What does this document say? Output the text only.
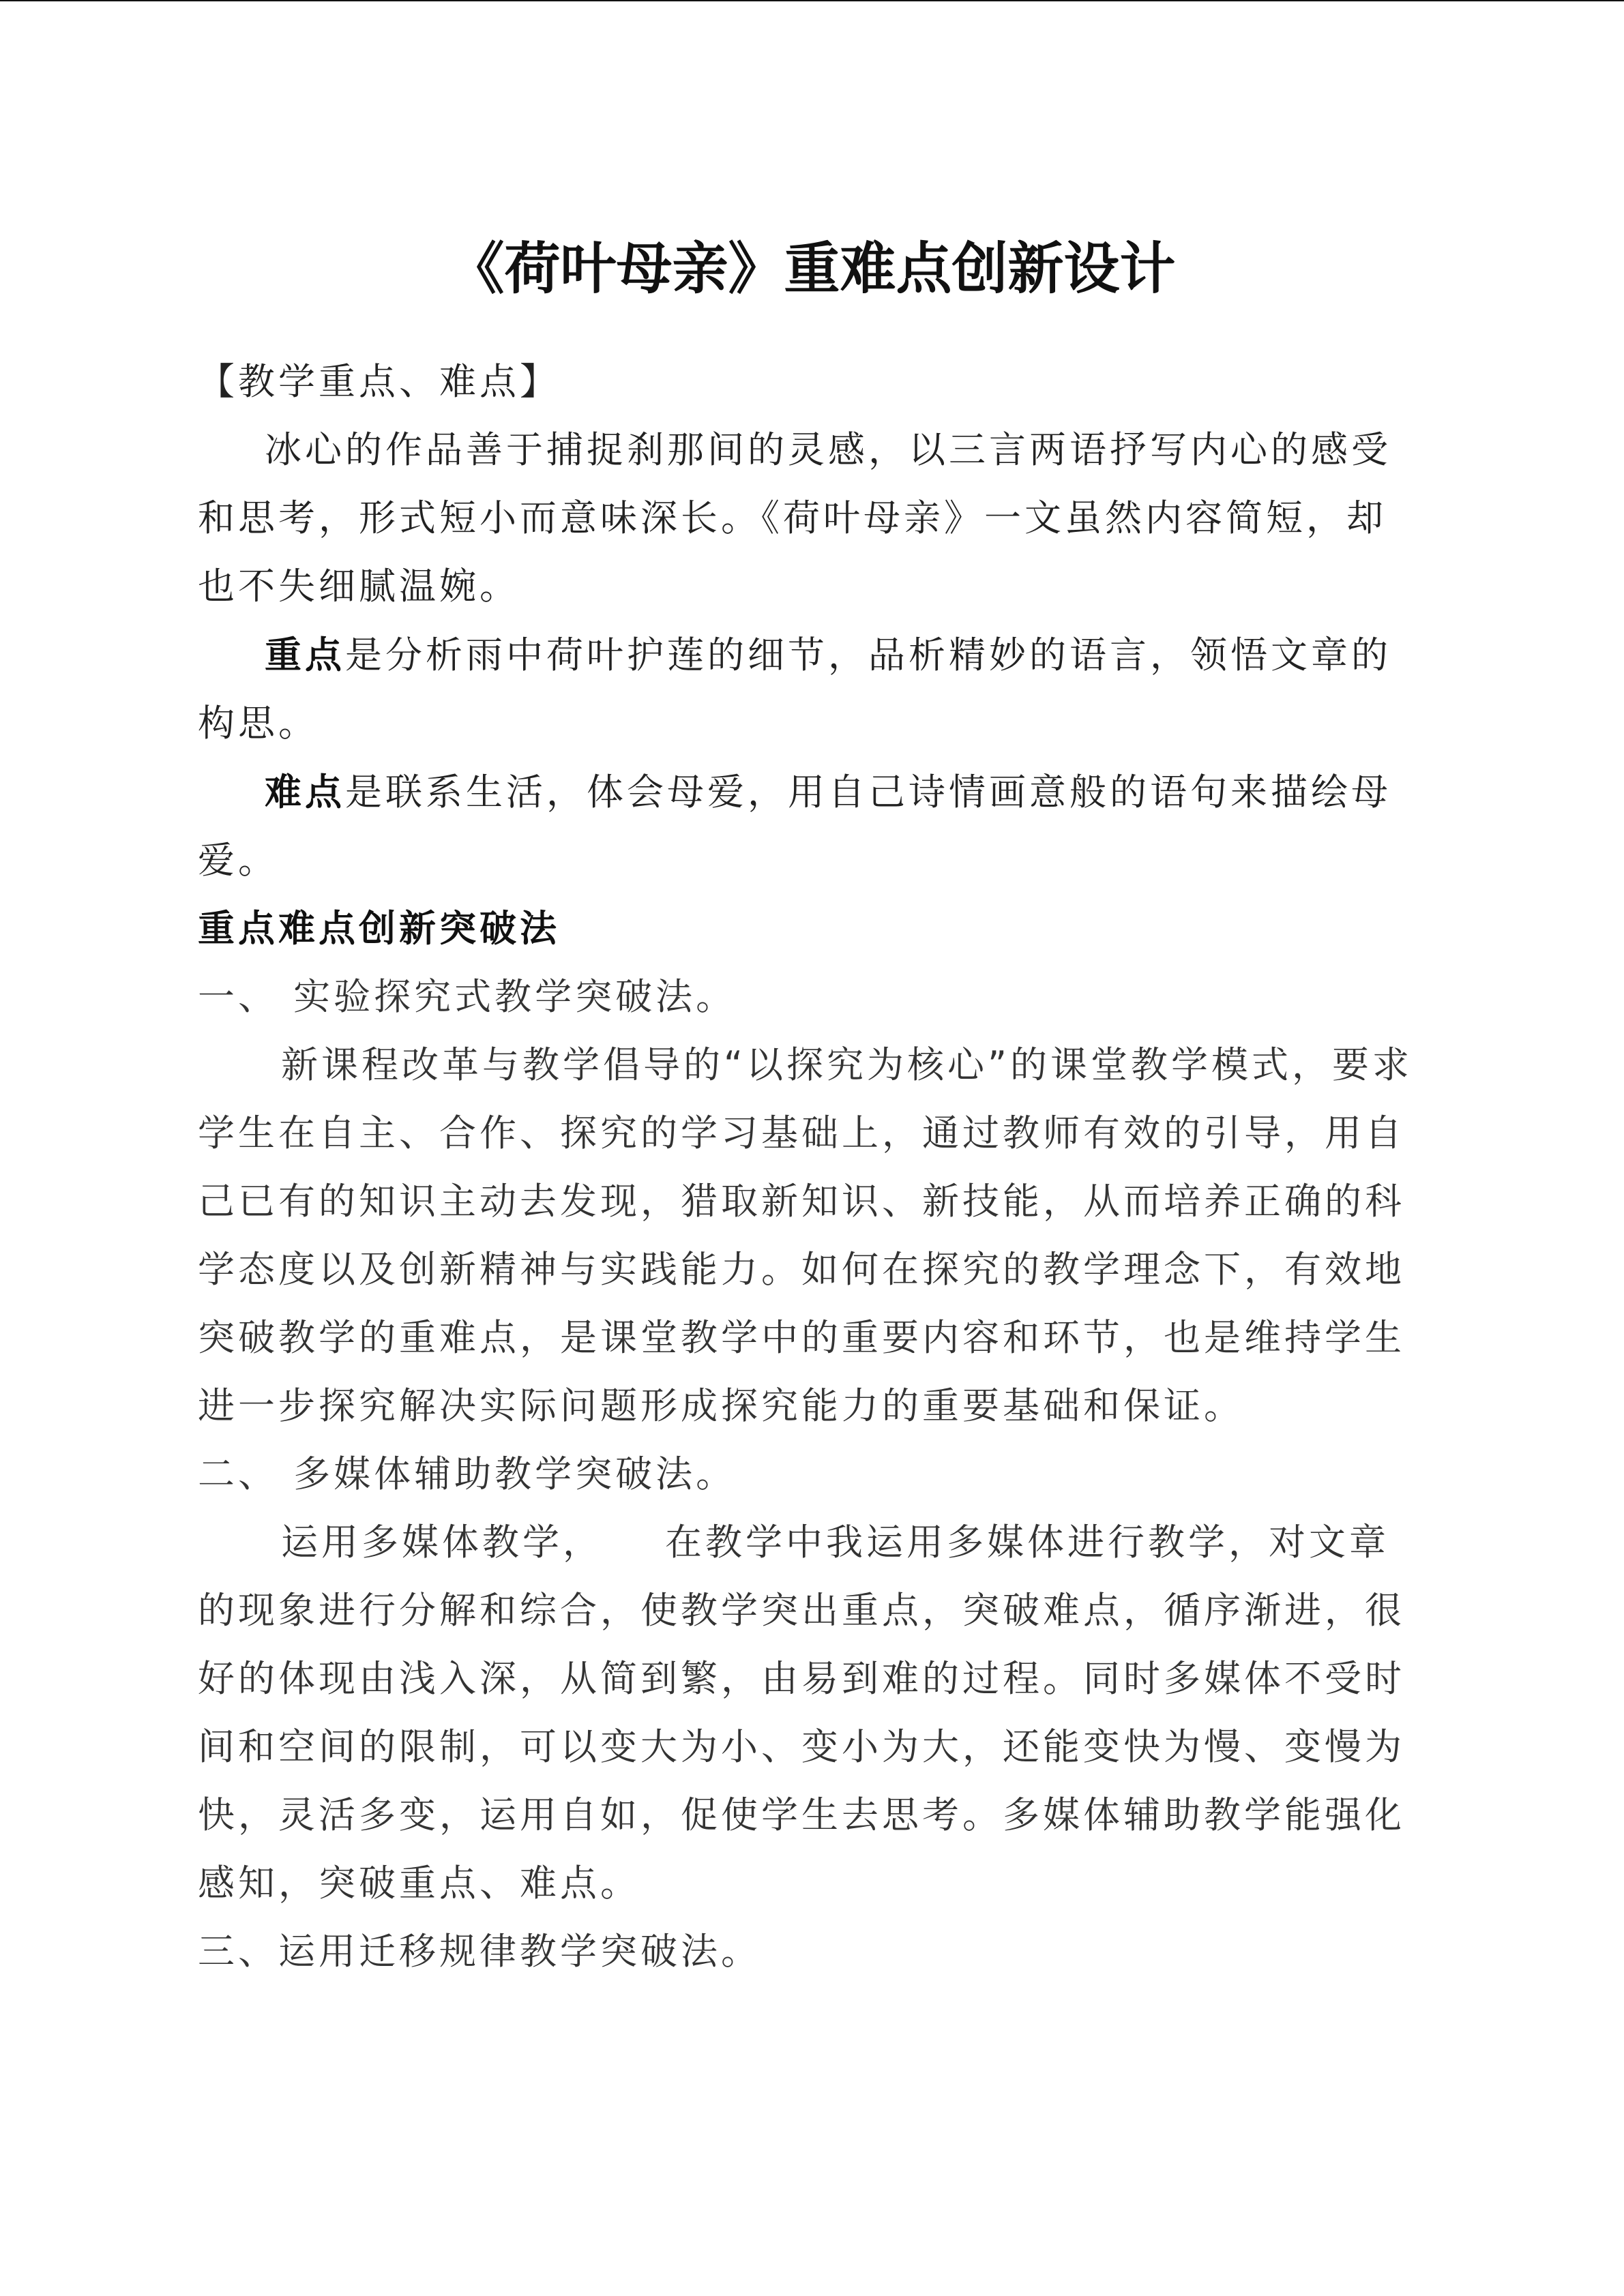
《荷叶母亲》重难点创新设计

【教学重点、难点】

冰心的作品善于捕捉刹那间的灵感，以三言两语抒写内心的感受和思考，形式短小而意味深长。《荷叶母亲》一文虽然内容简短，却也不失细腻温婉。

重点是分析雨中荷叶护莲的细节，品析精妙的语言，领悟文章的构思。

难点是联系生活，体会母爱，用自己诗情画意般的语句来描绘母爱。

重点难点创新突破法

一、 实验探究式教学突破法。

新课程改革与教学倡导的“以探究为核心”的课堂教学模式，要求学生在自主、合作、探究的学习基础上，通过教师有效的引导，用自己已有的知识主动去发现，猎取新知识、新技能，从而培养正确的科学态度以及创新精神与实践能力。如何在探究的教学理念下，有效地突破教学的重难点，是课堂教学中的重要内容和环节，也是维持学生进一步探究解决实际问题形成探究能力的重要基础和保证。

二、 多媒体辅助教学突破法。

运用多媒体教学，　　在教学中我运用多媒体进行教学，对文章的现象进行分解和综合，使教学突出重点，突破难点，循序渐进，很好的体现由浅入深，从简到繁，由易到难的过程。同时多媒体不受时间和空间的限制，可以变大为小、变小为大，还能变快为慢、变慢为快，灵活多变，运用自如，促使学生去思考。多媒体辅助教学能强化感知，突破重点、难点。

三、运用迁移规律教学突破法。
